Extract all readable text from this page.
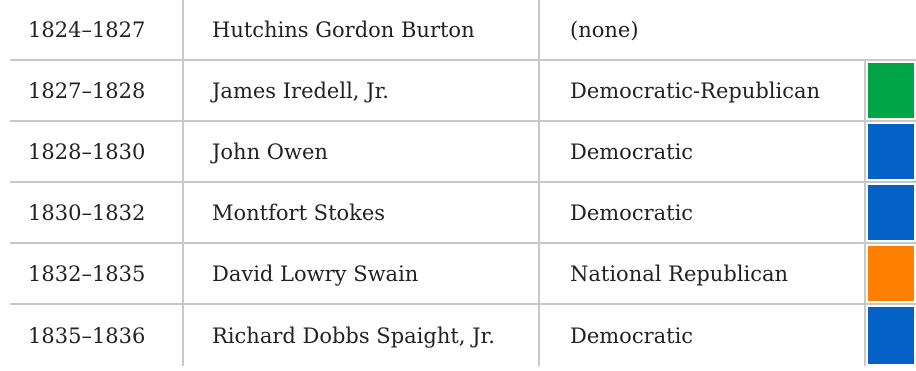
1824–1827	Hutchins Gordon Burton	(none)
1827–1828	James Iredell, Jr.	Democratic-Republican
1828–1830	John Owen	Democratic
1830–1832	Montfort Stokes	Democratic
1832–1835	David Lowry Swain	National Republican
1835–1836	Richard Dobbs Spaight, Jr.	Democratic
